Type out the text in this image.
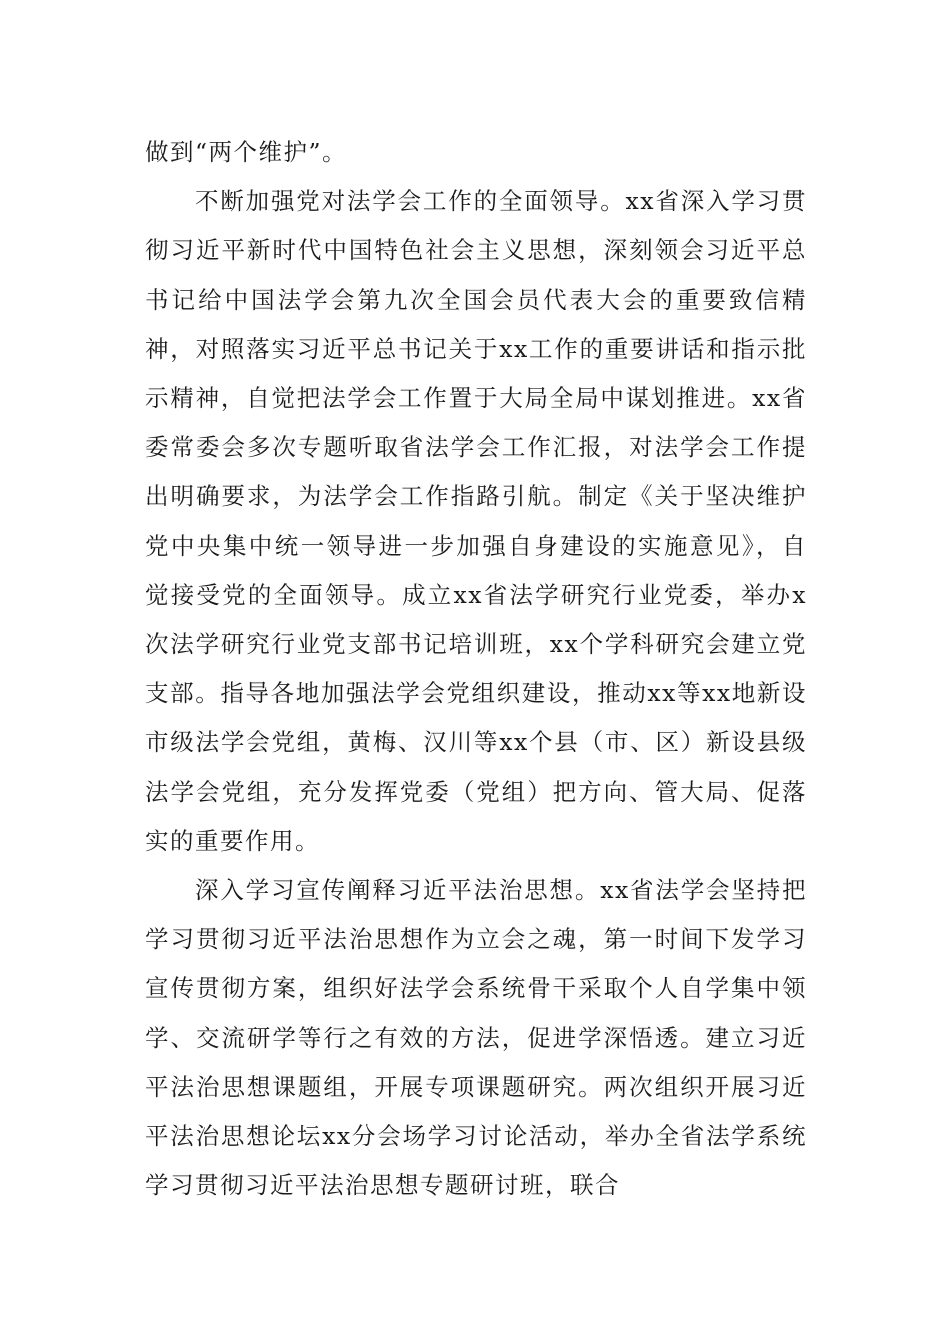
做到“两个维护”。

不断加强党对法学会工作的全面领导。xx省深入学习贯彻习近平新时代中国特色社会主义思想，深刻领会习近平总书记给中国法学会第九次全国会员代表大会的重要致信精神，对照落实习近平总书记关于xx工作的重要讲话和指示批示精神，自觉把法学会工作置于大局全局中谋划推进。xx省委常委会多次专题听取省法学会工作汇报，对法学会工作提出明确要求，为法学会工作指路引航。制定《关于坚决维护党中央集中统一领导进一步加强自身建设的实施意见》，自觉接受党的全面领导。成立xx省法学研究行业党委，举办x次法学研究行业党支部书记培训班，xx个学科研究会建立党支部。指导各地加强法学会党组织建设，推动xx等xx地新设市级法学会党组，黄梅、汉川等xx个县（市、区）新设县级法学会党组，充分发挥党委（党组）把方向、管大局、促落实的重要作用。

深入学习宣传阐释习近平法治思想。xx省法学会坚持把学习贯彻习近平法治思想作为立会之魂，第一时间下发学习宣传贯彻方案，组织好法学会系统骨干采取个人自学集中领学、交流研学等行之有效的方法，促进学深悟透。建立习近平法治思想课题组，开展专项课题研究。两次组织开展习近平法治思想论坛xx分会场学习讨论活动，举办全省法学系统学习贯彻习近平法治思想专题研讨班，联合
